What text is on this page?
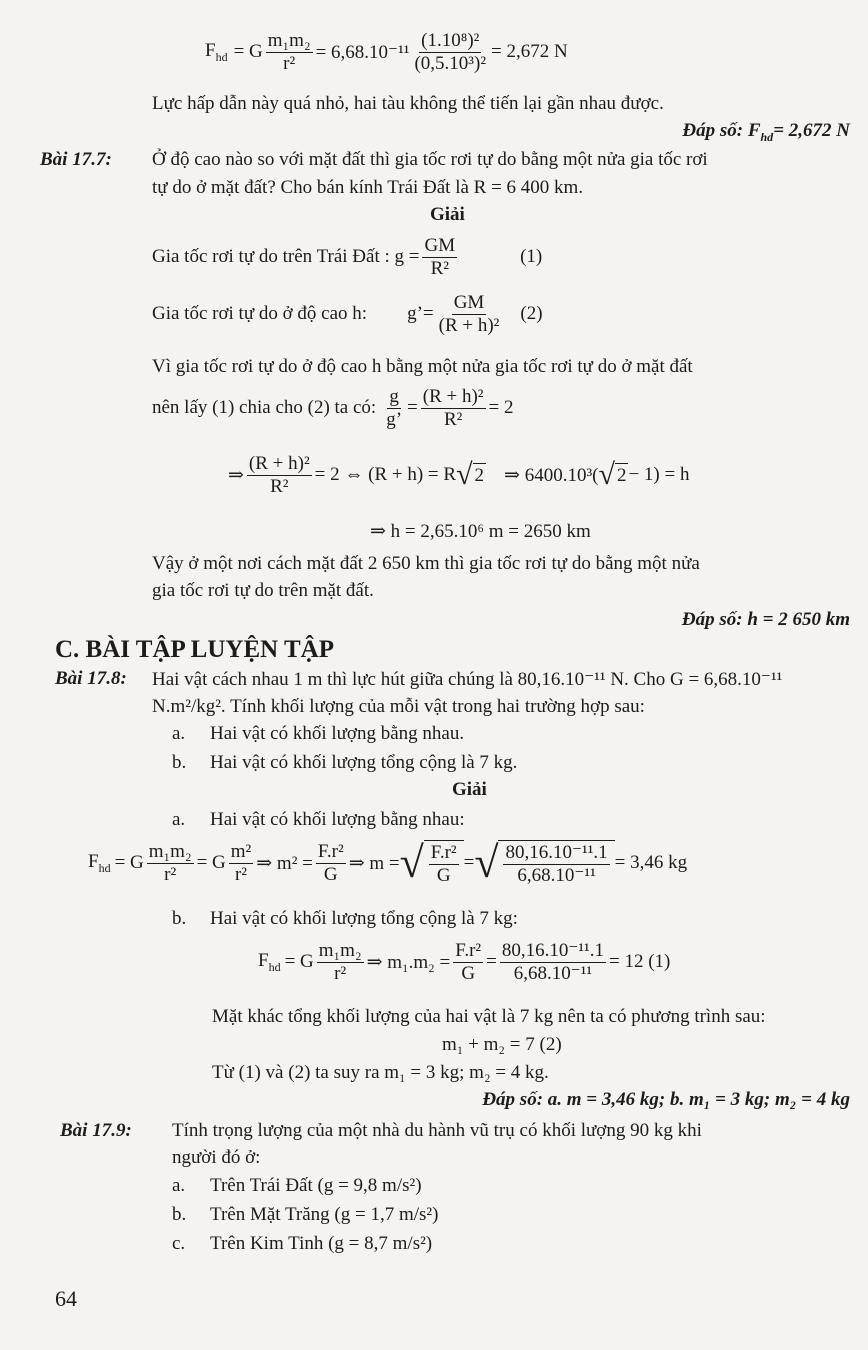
$F_{hd} = G \frac{\text{m₁m₂}}{\text{r²}} = 6,68.10^{-11} \frac{\text{(1.10⁸)²}}{\text{(0,5.10³)²}} = 2,672$ N
Lực hấp dẫn này quá nhỏ, hai tàu không thể tiến lại gần nhau được.
Đáp số: $F_{hd}= 2,672$ N
Bài 17.7: Ở độ cao nào so với mặt đất thì gia tốc rơi tự do bằng một nửa gia tốc rơi
tự do ở mặt đất? Cho bán kính Trái Đất là R = 6 400 km.
Giải
Gia tốc rơi tự do trên Trái Đất : $g = \frac{GM}{\text{R²}}$	(1)
Gia tốc rơi tự do ở độ cao h: g’= $\frac{GM}{\text{(R + h)²}} (2)$
Vì gia tốc rơi tự do ở độ cao h bằng một nửa gia tốc rơi tự do ở mặt đất
nên lấy (1) chia cho (2) ta có: $\frac{g}{g’} = \frac{\text{(R + h)²}}{\text{R²}} = 2$
⇒ $\frac{\text{(R + h)²}}{\text{R²}} = 2$ ⇔ (R + h) = R √ 2 ⇒ 6400.10³( √ 2 − 1) = h
⇒ h = 2,65.10⁶ m = 2650 km
Vậy ở một nơi cách mặt đất 2 650 km thì gia tốc rơi tự do bằng một nửa
gia tốc rơi tự do trên mặt đất.
Đáp số: h = 2 650 km
C. BÀI TẬP LUYỆN TẬP
Bài 17.8: Hai vật cách nhau 1 m thì lực hút giữa chúng là 80,16.10⁻¹¹ N. Cho G = 6,68.10⁻¹¹
N.m²/kg². Tính khối lượng của mỗi vật trong hai trường hợp sau:
a. Hai vật có khối lượng bằng nhau.
b. Hai vật có khối lượng tổng cộng là 7 kg.
Giải
a. Hai vật có khối lượng bằng nhau:
$F_{hd} = G \frac{\text{m₁m₂}}{\text{r²}} = G \frac{\text{m²}}{\text{r²}}$ ⇒ $m^2 = \frac{\text{F.r²}}{G}$ ⇒ m = √ $\frac{\text{F.r²}}{G}$ = √ $\frac{\text{80,16.10⁻¹¹.1}}{\text{6,68.10⁻¹¹}} = 3,46$ kg
b. Hai vật có khối lượng tổng cộng là 7 kg:
$F_{hd} = G \frac{\text{m₁m₂}}{\text{r²}}$ ⇒ $m_1.m_2 = \frac{\text{F.r²}}{G} = \frac{\text{80,16.10⁻¹¹.1}}{\text{6,68.10⁻¹¹}} = 12$ (1)
Mặt khác tổng khối lượng của hai vật là 7 kg nên ta có phương trình sau:
m₁ + m₂ = 7 (2)
Từ (1) và (2) ta suy ra m₁ = 3 kg; m₂ = 4 kg.
Đáp số: a. m = 3,46 kg; b. m₁ = 3 kg; m₂ = 4 kg
Bài 17.9: Tính trọng lượng của một nhà du hành vũ trụ có khối lượng 90 kg khi
người đó ở:
a. Trên Trái Đất (g = 9,8 m/s²)
b. Trên Mặt Trăng (g = 1,7 m/s²)
c. Trên Kim Tinh (g = 8,7 m/s²)
64
